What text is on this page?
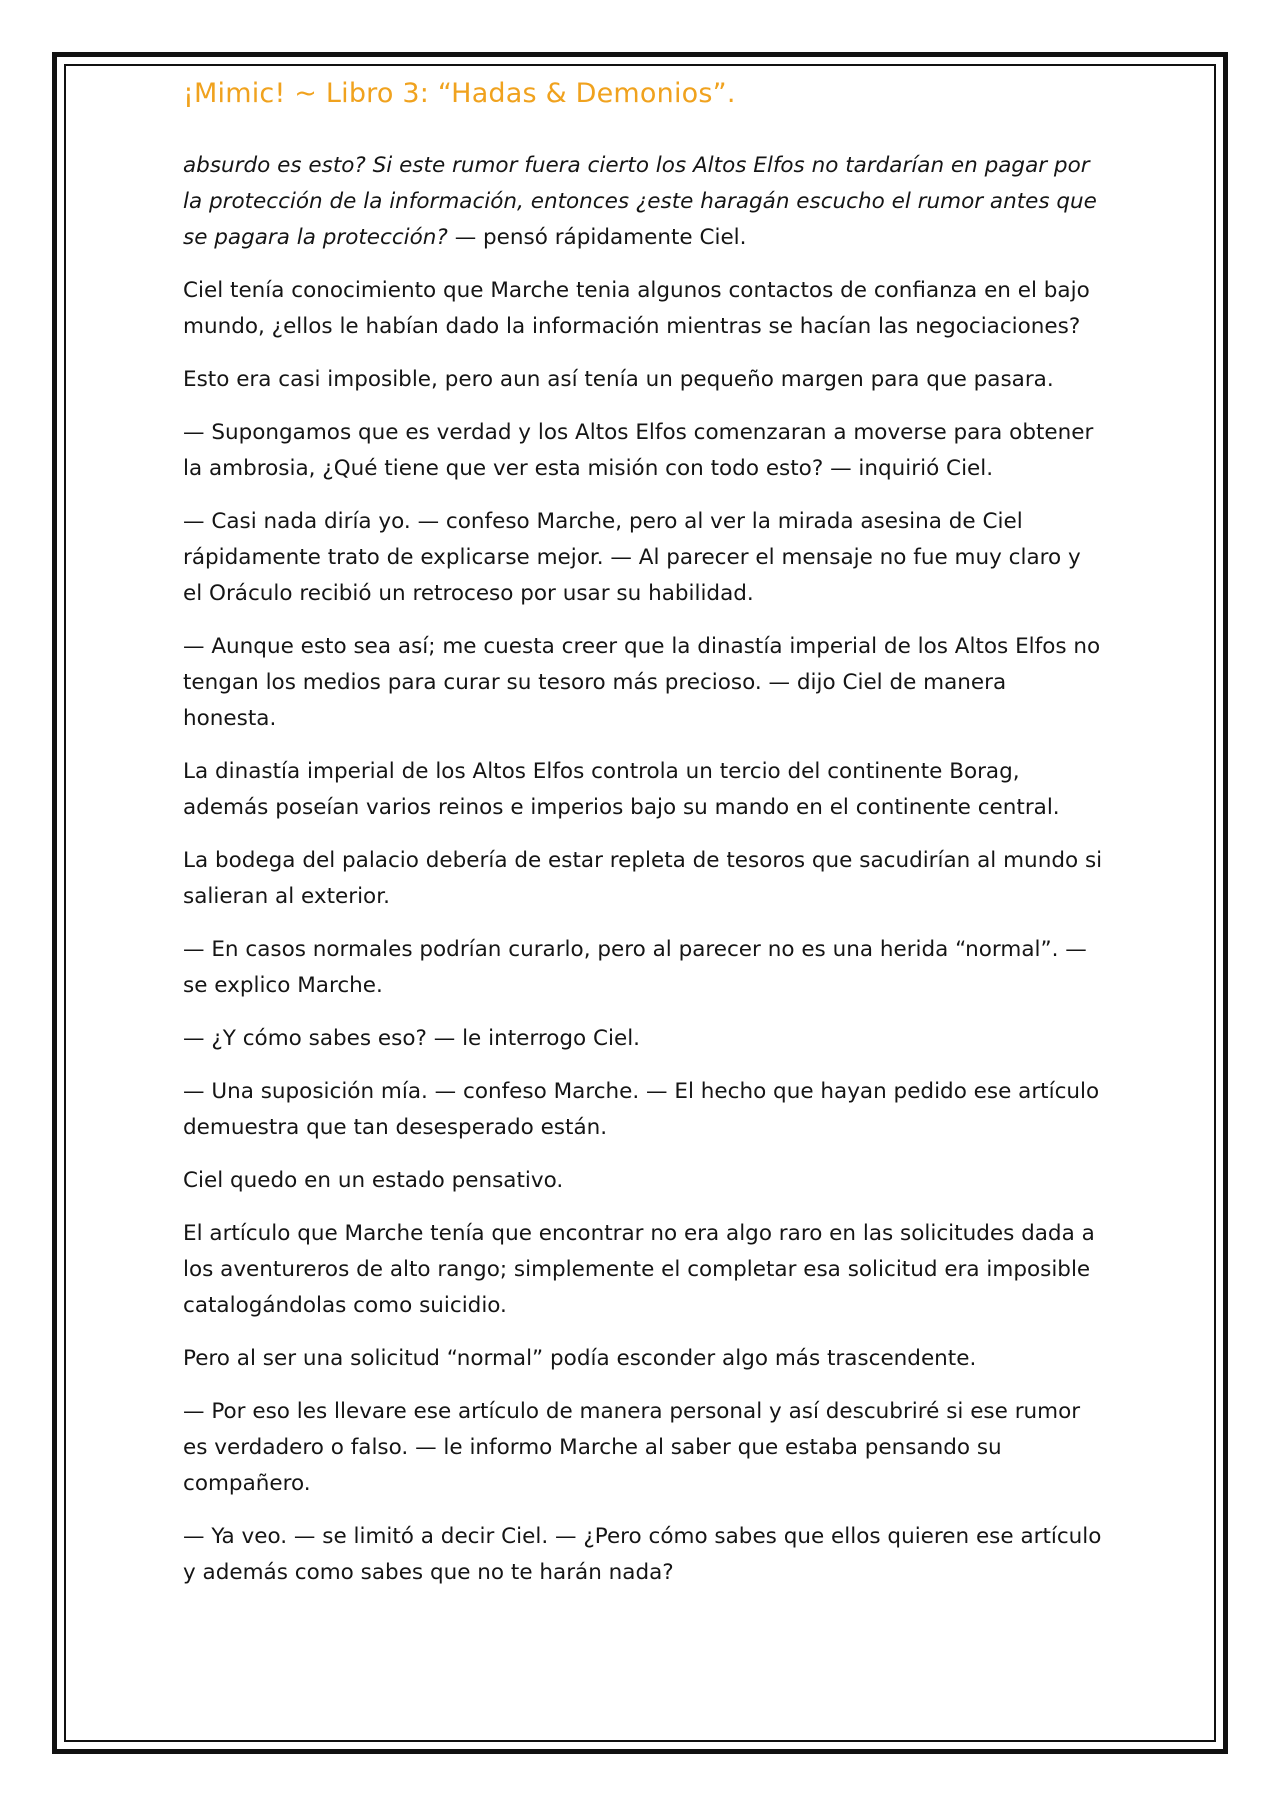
¡Mimic! ~ Libro 3: “Hadas & Demonios”.

absurdo es esto? Si este rumor fuera cierto los Altos Elfos no tardarían en pagar por la protección de la información, entonces ¿este haragán escucho el rumor antes que se pagara la protección? — pensó rápidamente Ciel.

Ciel tenía conocimiento que Marche tenia algunos contactos de confianza en el bajo mundo, ¿ellos le habían dado la información mientras se hacían las negociaciones?

Esto era casi imposible, pero aun así tenía un pequeño margen para que pasara.

— Supongamos que es verdad y los Altos Elfos comenzaran a moverse para obtener la ambrosia, ¿Qué tiene que ver esta misión con todo esto? — inquirió Ciel.

— Casi nada diría yo. — confeso Marche, pero al ver la mirada asesina de Ciel rápidamente trato de explicarse mejor. — Al parecer el mensaje no fue muy claro y el Oráculo recibió un retroceso por usar su habilidad.

— Aunque esto sea así; me cuesta creer que la dinastía imperial de los Altos Elfos no tengan los medios para curar su tesoro más precioso. — dijo Ciel de manera honesta.

La dinastía imperial de los Altos Elfos controla un tercio del continente Borag, además poseían varios reinos e imperios bajo su mando en el continente central.

La bodega del palacio debería de estar repleta de tesoros que sacudirían al mundo si salieran al exterior.

— En casos normales podrían curarlo, pero al parecer no es una herida “normal”. — se explico Marche.

— ¿Y cómo sabes eso? — le interrogo Ciel.

— Una suposición mía. — confeso Marche. — El hecho que hayan pedido ese artículo demuestra que tan desesperado están.

Ciel quedo en un estado pensativo.

El artículo que Marche tenía que encontrar no era algo raro en las solicitudes dada a los aventureros de alto rango; simplemente el completar esa solicitud era imposible catalogándolas como suicidio.

Pero al ser una solicitud “normal” podía esconder algo más trascendente.

— Por eso les llevare ese artículo de manera personal y así descubriré si ese rumor es verdadero o falso. — le informo Marche al saber que estaba pensando su compañero.

— Ya veo. — se limitó a decir Ciel. — ¿Pero cómo sabes que ellos quieren ese artículo y además como sabes que no te harán nada?
